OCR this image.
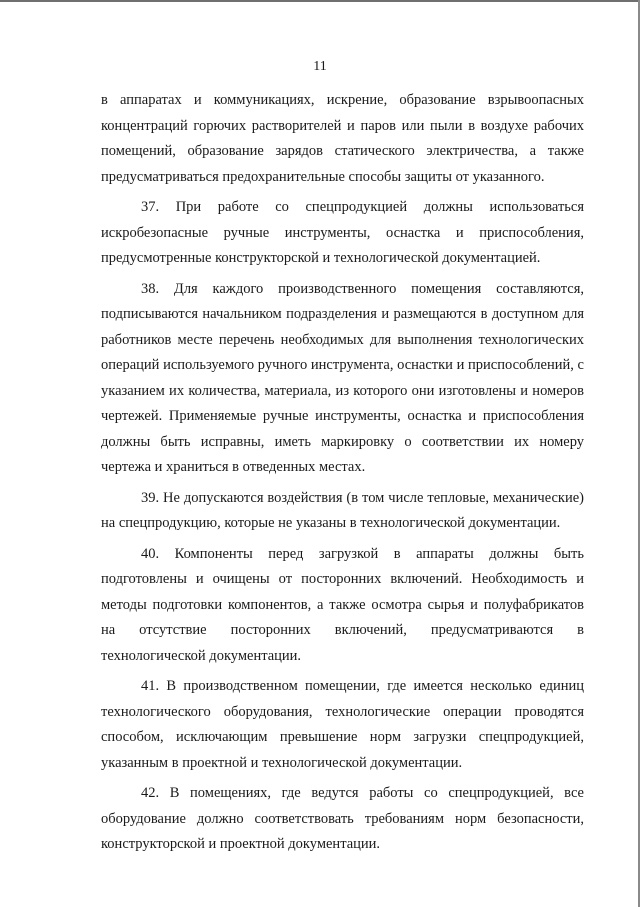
11

в аппаратах и коммуникациях, искрение, образование взрывоопасных концентраций горючих растворителей и паров или пыли в воздухе рабочих помещений, образование зарядов статического электричества, а также предусматриваться предохранительные способы защиты от указанного.

37. При работе со спецпродукцией должны использоваться искробезопасные ручные инструменты, оснастка и приспособления, предусмотренные конструкторской и технологической документацией.

38. Для каждого производственного помещения составляются, подписываются начальником подразделения и размещаются в доступном для работников месте перечень необходимых для выполнения технологических операций используемого ручного инструмента, оснастки и приспособлений, с указанием их количества, материала, из которого они изготовлены и номеров чертежей. Применяемые ручные инструменты, оснастка и приспособления должны быть исправны, иметь маркировку о соответствии их номеру чертежа и храниться в отведенных местах.

39. Не допускаются воздействия (в том числе тепловые, механические) на спецпродукцию, которые не указаны в технологической документации.

40. Компоненты перед загрузкой в аппараты должны быть подготовлены и очищены от посторонних включений. Необходимость и методы подготовки компонентов, а также осмотра сырья и полуфабрикатов на отсутствие посторонних включений, предусматриваются в технологической документации.

41. В производственном помещении, где имеется несколько единиц технологического оборудования, технологические операции проводятся способом, исключающим превышение норм загрузки спецпродукцией, указанным в проектной и технологической документации.

42. В помещениях, где ведутся работы со спецпродукцией, все оборудование должно соответствовать требованиям норм безопасности, конструкторской и проектной документации.
